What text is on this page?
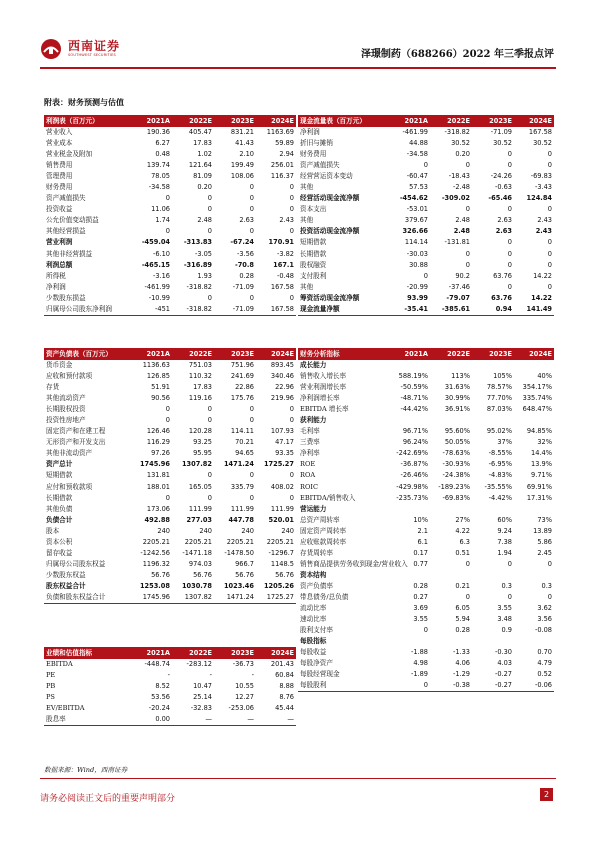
西南证券
SOUTHWEST SECURITIES	泽璟制药（688266）2022 年三季报点评
附表：财务预测与估值
利润表（百万元）	2021A	2022E	2023E	2024E
营业收入	190.36	405.47	831.21	1163.69
营业成本	6.27	17.83	41.43	59.89
营业税金及附加	0.48	1.02	2.10	2.94
销售费用	139.74	121.64	199.49	256.01
管理费用	78.05	81.09	108.06	116.37
财务费用	-34.58	0.20	0	0
资产减值损失	0	0	0	0
投资收益	11.06	0	0	0
公允价值变动损益	1.74	2.48	2.63	2.43
其他经营损益	0	0	0	0
营业利润	-459.04	-313.83	-67.24	170.91
其他非经营损益	-6.10	-3.05	-3.56	-3.82
利润总额	-465.15	-316.89	-70.8	167.1
所得税	-3.16	1.93	0.28	-0.48
净利润	-461.99	-318.82	-71.09	167.58
少数股东损益	-10.99	0	0	0
归属母公司股东净利润	-451	-318.82	-71.09	167.58
现金流量表（百万元）	2021A	2022E	2023E	2024E
净利润	-461.99	-318.82	-71.09	167.58
折旧与摊销	44.88	30.52	30.52	30.52
财务费用	-34.58	0.20	0	0
资产减值损失	0	0	0	0
经营营运资本变动	-60.47	-18.43	-24.26	-69.83
其他	57.53	-2.48	-0.63	-3.43
经营活动现金流净额	-454.62	-309.02	-65.46	124.84
资本支出	-53.01	0	0	0
其他	379.67	2.48	2.63	2.43
投资活动现金流净额	326.66	2.48	2.63	2.43
短期借款	114.14	-131.81	0	0
长期借款	-30.03	0	0	0
股权融资	30.88	0	0	0
支付股利	0	90.2	63.76	14.22
其他	-20.99	-37.46	0	0
筹资活动现金流净额	93.99	-79.07	63.76	14.22
现金流量净额	-35.41	-385.61	0.94	141.49
资产负债表（百万元）	2021A	2022E	2023E	2024E
货币资金	1136.63	751.03	751.96	893.45
应收和预付款项	126.85	110.32	241.69	340.46
存货	51.91	17.83	22.86	22.96
其他流动资产	90.56	119.16	175.76	219.96
长期股权投资	0	0	0	0
投资性房地产	0	0	0	0
固定资产和在建工程	126.46	120.28	114.11	107.93
无形资产和开发支出	116.29	93.25	70.21	47.17
其他非流动资产	97.26	95.95	94.65	93.35
资产总计	1745.96	1307.82	1471.24	1725.27
短期借款	131.81	0	0	0
应付和预收款项	188.01	165.05	335.79	408.02
长期借款	0	0	0	0
其他负债	173.06	111.99	111.99	111.99
负债合计	492.88	277.03	447.78	520.01
股本	240	240	240	240
资本公积	2205.21	2205.21	2205.21	2205.21
留存收益	-1242.56	-1471.18	-1478.50	-1296.7
归属母公司股东权益	1196.32	974.03	966.7	1148.5
少数股东权益	56.76	56.76	56.76	56.76
股东权益合计	1253.08	1030.78	1023.46	1205.26
负债和股东权益合计	1745.96	1307.82	1471.24	1725.27
财务分析指标	2021A	2022E	2023E	2024E
成长能力				
销售收入增长率	588.19%	113%	105%	40%
营业利润增长率	-50.59%	31.63%	78.57%	354.17%
净利润增长率	-48.71%	30.99%	77.70%	335.74%
EBITDA 增长率	-44.42%	36.91%	87.03%	648.47%
获利能力				
毛利率	96.71%	95.60%	95.02%	94.85%
三费率	96.24%	50.05%	37%	32%
净利率	-242.69%	-78.63%	-8.55%	14.4%
ROE	-36.87%	-30.93%	-6.95%	13.9%
ROA	-26.46%	-24.38%	-4.83%	9.71%
ROIC	-429.98%	-189.23%	-35.55%	69.91%
EBITDA/销售收入	-235.73%	-69.83%	-4.42%	17.31%
营运能力				
总资产周转率	10%	27%	60%	73%
固定资产周转率	2.1	4.22	9.24	13.89
应收账款周转率	6.1	6.3	7.38	5.86
存货周转率	0.17	0.51	1.94	2.45
销售商品提供劳务收到现金/营业收入	0.77	0	0	0
资本结构				
资产负债率	0.28	0.21	0.3	0.3
带息债务/总负债	0.27	0	0	0
流动比率	3.69	6.05	3.55	3.62
速动比率	3.55	5.94	3.48	3.56
股利支付率	0	0.28	0.9	-0.08
每股指标				
每股收益	-1.88	-1.33	-0.30	0.70
每股净资产	4.98	4.06	4.03	4.79
每股经营现金	-1.89	-1.29	-0.27	0.52
每股股利	0	-0.38	-0.27	-0.06
业绩和估值指标	2021A	2022E	2023E	2024E
EBITDA	-448.74	-283.12	-36.73	201.43
PE	-	-	-	60.84
PB	8.52	10.47	10.55	8.88
PS	53.56	25.14	12.27	8.76
EV/EBITDA	-20.24	-32.83	-253.06	45.44
股息率	0.00	—	—	—
数据来源：Wind，西南证券
请务必阅读正文后的重要声明部分	2
